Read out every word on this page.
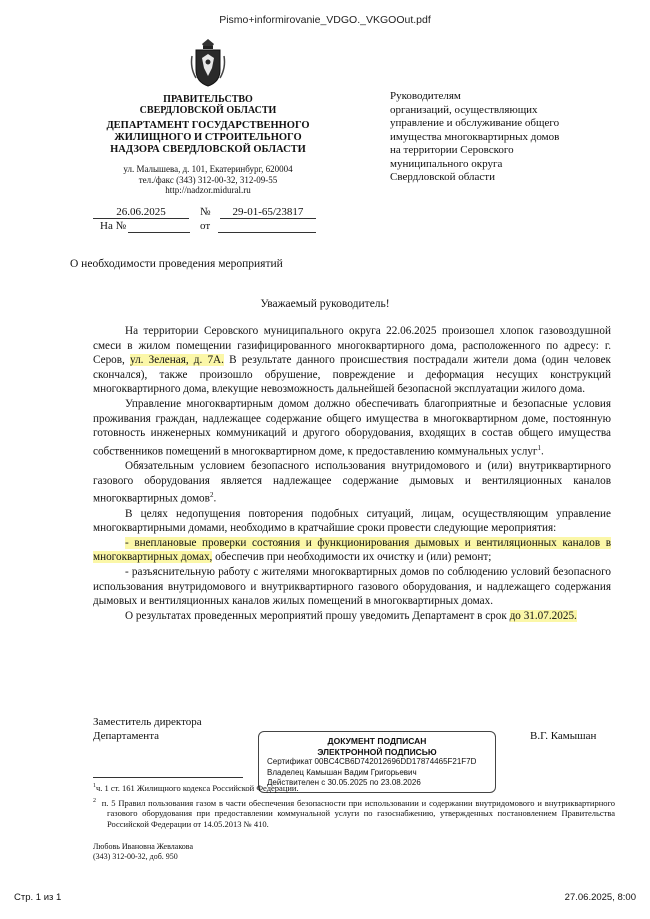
Pismo+informirovanie_VDGO._VKGOOut.pdf
ПРАВИТЕЛЬСТВО
СВЕРДЛОВСКОЙ ОБЛАСТИ
ДЕПАРТАМЕНТ ГОСУДАРСТВЕННОГО
ЖИЛИЩНОГО И СТРОИТЕЛЬНОГО
НАДЗОРА СВЕРДЛОВСКОЙ ОБЛАСТИ
ул. Малышева, д. 101, Екатеринбург, 620004
тел./факс (343) 312-00-32, 312-09-55
http://nadzor.midural.ru
Руководителям
организаций, осуществляющих
управление и обслуживание общего
имущества многоквартирных домов
на территории Серовского
муниципального округа
Свердловской области
26.06.2025	№	29-01-65/23817
На №	от
О необходимости проведения мероприятий
Уважаемый руководитель!

На территории Серовского муниципального округа 22.06.2025 произошел хлопок газовоздушной смеси в жилом помещении газифицированного многоквартирного дома, расположенного по адресу: г. Серов, ул. Зеленая, д. 7А. В результате данного происшествия пострадали жители дома (один человек скончался), также произошло обрушение, повреждение и деформация несущих конструкций многоквартирного дома, влекущие невозможность дальнейшей безопасной эксплуатации жилого дома.

Управление многоквартирным домом должно обеспечивать благоприятные и безопасные условия проживания граждан, надлежащее содержание общего имущества в многоквартирном доме, постоянную готовность инженерных коммуникаций и другого оборудования, входящих в состав общего имущества собственников помещений в многоквартирном доме, к предоставлению коммунальных услуг$^1$.

Обязательным условием безопасного использования внутридомового и (или) внутриквартирного газового оборудования является надлежащее содержание дымовых и вентиляционных каналов многоквартирных домов$^2$.

В целях недопущения повторения подобных ситуаций, лицам, осуществляющим управление многоквартирными домами, необходимо в кратчайшие сроки провести следующие мероприятия:

- внеплановые проверки состояния и функционирования дымовых и вентиляционных каналов в многоквартирных домах, обеспечив при необходимости их очистку и (или) ремонт;

- разъяснительную работу с жителями многоквартирных домов по соблюдению условий безопасного использования внутридомового и внутриквартирного газового оборудования, и надлежащего содержания дымовых и вентиляционных каналов жилых помещений в многоквартирных домах.

О результатах проведенных мероприятий прошу уведомить Департамент в срок до 31.07.2025.

Заместитель директора
Департамента	В.Г. Камышан
ДОКУМЕНТ ПОДПИСАН
ЭЛЕКТРОННОЙ ПОДПИСЬЮ
Сертификат 00BC4CB6D742012696DD17874465F21F7D
Владелец Камышан Вадим Григорьевич
Действителен с 30.05.2025 по 23.08.2026
$^1$ч. 1 ст. 161 Жилищного кодекса Российской Федерации.
$^2$ п. 5 Правил пользования газом в части обеспечения безопасности при использовании и содержании внутридомового и внутриквартирного газового оборудования при предоставлении коммунальной услуги по газоснабжению, утвержденных постановлением Правительства Российской Федерации от 14.05.2013 № 410.
Любовь Ивановна Жевлакова
(343) 312-00-32, доб. 950
Стр. 1 из 1	27.06.2025, 8:00
